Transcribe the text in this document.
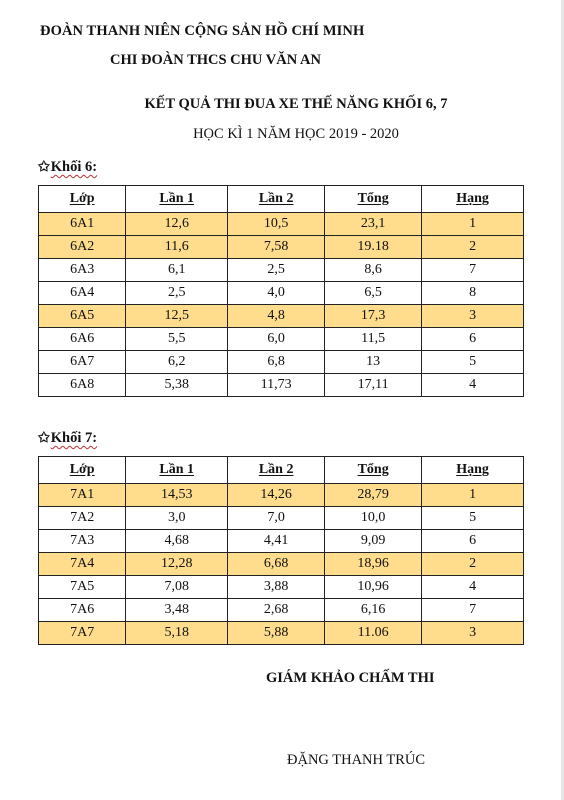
ĐOÀN THANH NIÊN CỘNG SẢN HỒ CHÍ MINH
CHI ĐOÀN THCS CHU VĂN AN
KẾT QUẢ THI ĐUA XE THẾ NĂNG KHỐI 6, 7
HỌC KÌ 1 NĂM HỌC 2019 - 2020
✩Khối 6:
Lớp	Lần 1	Lần 2	Tổng	Hạng
6A1	12,6	10,5	23,1	1
6A2	11,6	7,58	19.18	2
6A3	6,1	2,5	8,6	7
6A4	2,5	4,0	6,5	8
6A5	12,5	4,8	17,3	3
6A6	5,5	6,0	11,5	6
6A7	6,2	6,8	13	5
6A8	5,38	11,73	17,11	4
✩Khối 7:
Lớp	Lần 1	Lần 2	Tổng	Hạng
7A1	14,53	14,26	28,79	1
7A2	3,0	7,0	10,0	5
7A3	4,68	4,41	9,09	6
7A4	12,28	6,68	18,96	2
7A5	7,08	3,88	10,96	4
7A6	3,48	2,68	6,16	7
7A7	5,18	5,88	11.06	3
GIÁM KHẢO CHẤM THI
ĐẶNG THANH TRÚC
